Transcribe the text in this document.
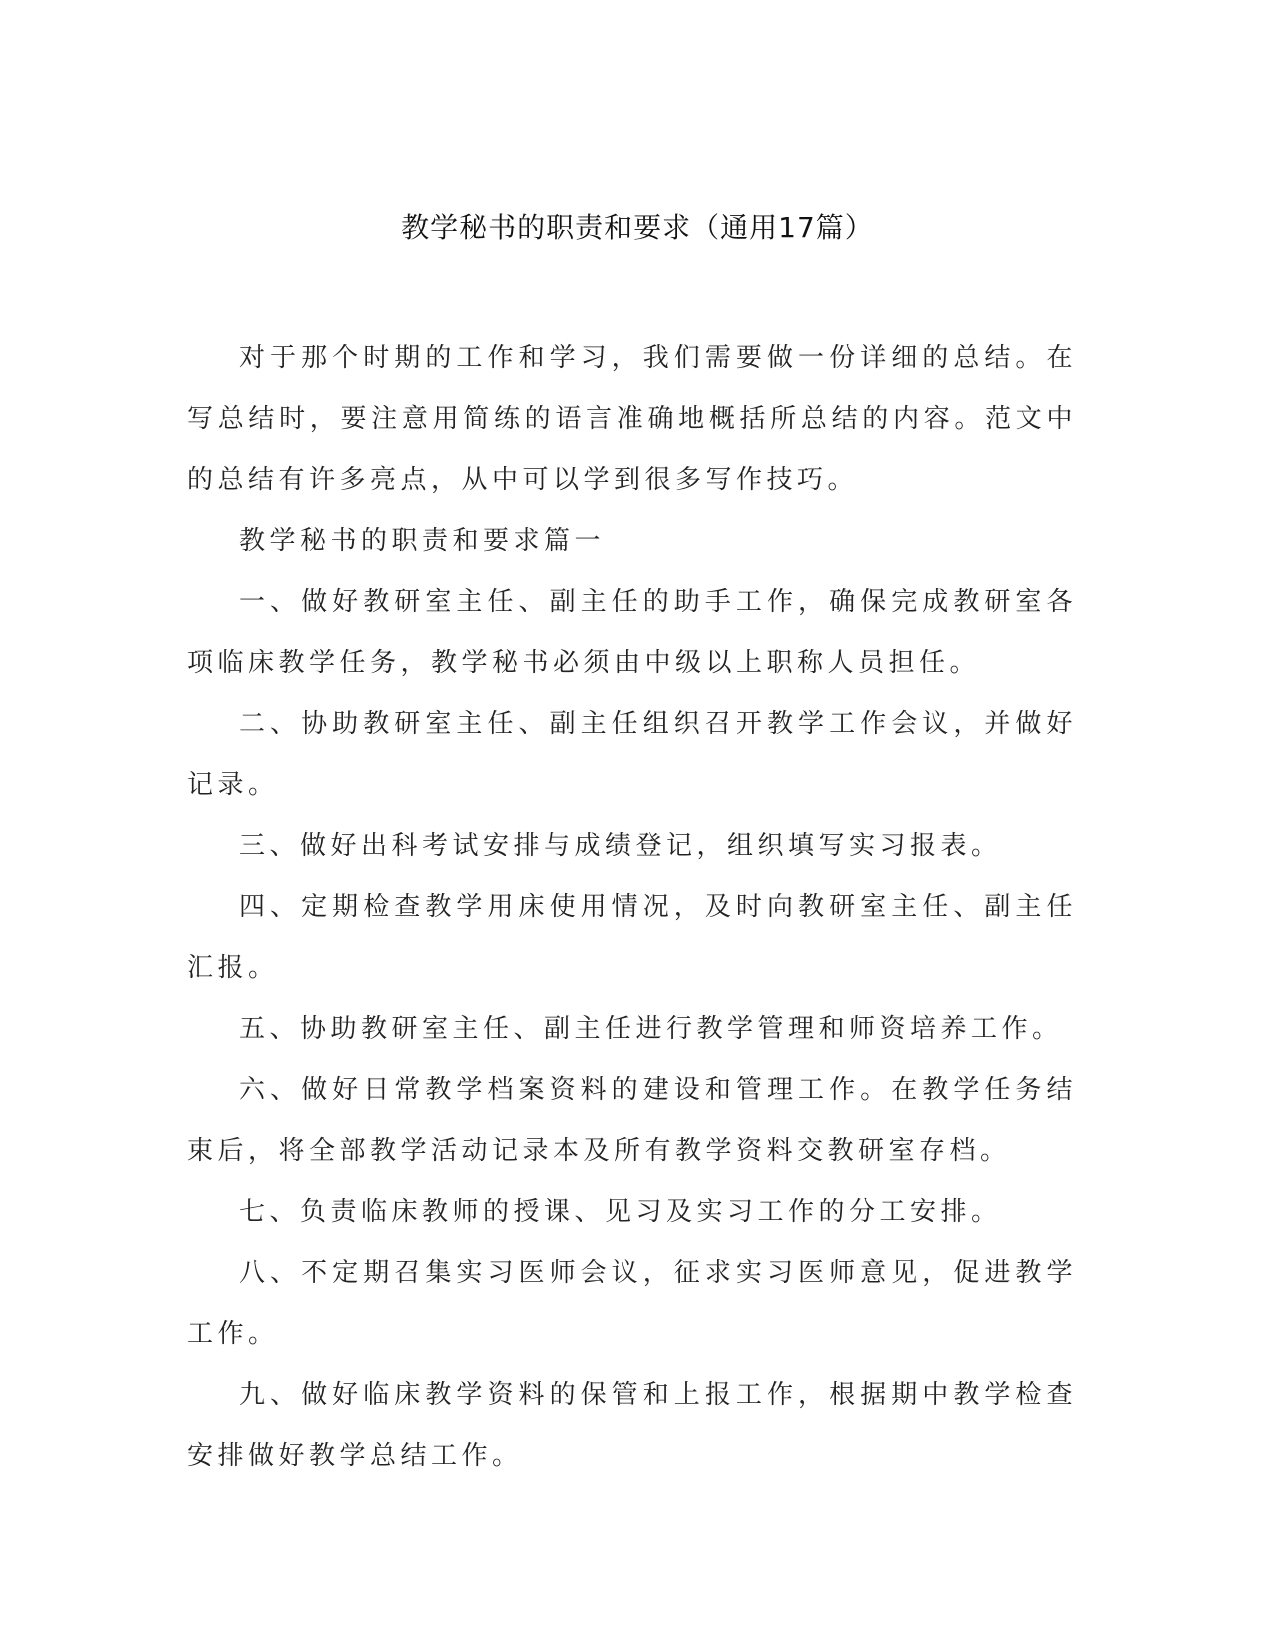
教学秘书的职责和要求（通用17篇）

对于那个时期的工作和学习，我们需要做一份详细的总结。在写总结时，要注意用简练的语言准确地概括所总结的内容。范文中的总结有许多亮点，从中可以学到很多写作技巧。

教学秘书的职责和要求篇一

一、做好教研室主任、副主任的助手工作，确保完成教研室各项临床教学任务，教学秘书必须由中级以上职称人员担任。

二、协助教研室主任、副主任组织召开教学工作会议，并做好记录。

三、做好出科考试安排与成绩登记，组织填写实习报表。

四、定期检查教学用床使用情况，及时向教研室主任、副主任汇报。

五、协助教研室主任、副主任进行教学管理和师资培养工作。

六、做好日常教学档案资料的建设和管理工作。在教学任务结束后，将全部教学活动记录本及所有教学资料交教研室存档。

七、负责临床教师的授课、见习及实习工作的分工安排。

八、不定期召集实习医师会议，征求实习医师意见，促进教学工作。

九、做好临床教学资料的保管和上报工作，根据期中教学检查安排做好教学总结工作。
